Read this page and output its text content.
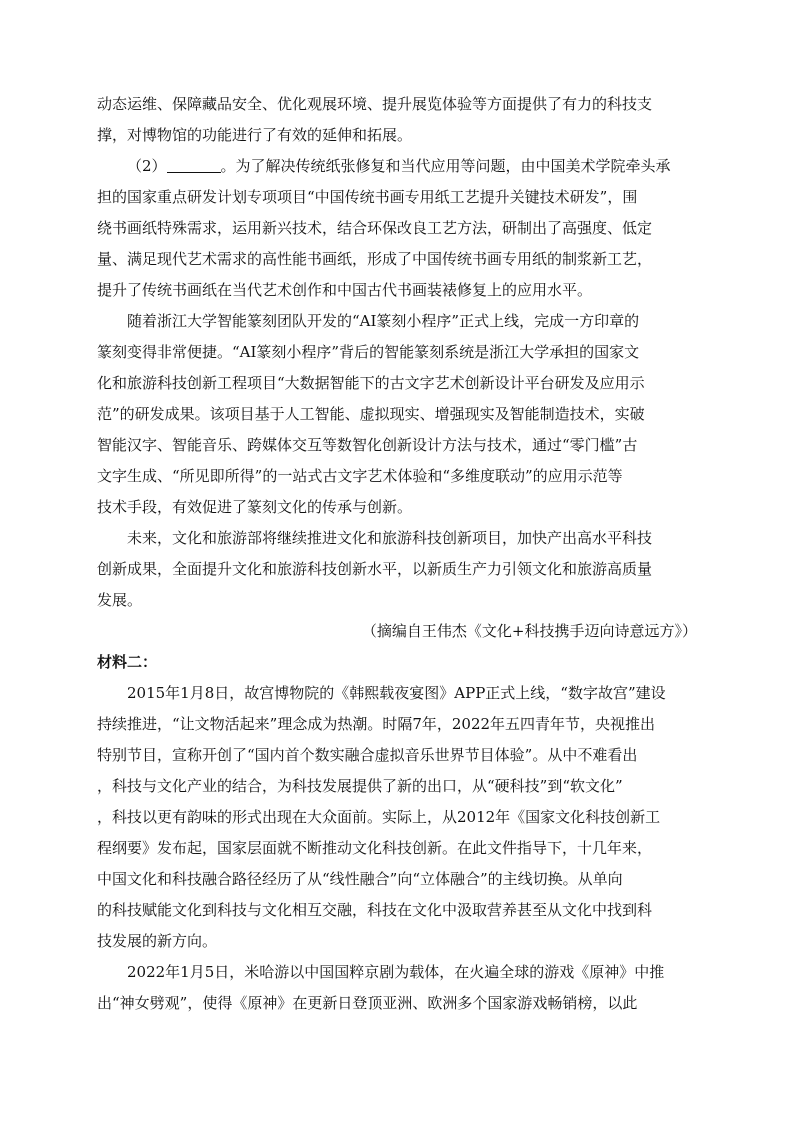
动态运维、保障藏品安全、优化观展环境、提升展览体验等方面提供了有力的科技支
撑，对博物馆的功能进行了有效的延伸和拓展。
（2）	。为了解决传统纸张修复和当代应用等问题，由中国美术学院牵头承
担的国家重点研发计划专项项目“中国传统书画专用纸工艺提升关键技术研发”，围
绕书画纸特殊需求，运用新兴技术，结合环保改良工艺方法，研制出了高强度、低定
量、满足现代艺术需求的高性能书画纸，形成了中国传统书画专用纸的制浆新工艺，
提升了传统书画纸在当代艺术创作和中国古代书画装裱修复上的应用水平。
随着浙江大学智能篆刻团队开发的“AI篆刻小程序”正式上线，完成一方印章的
篆刻变得非常便捷。“AI篆刻小程序”背后的智能篆刻系统是浙江大学承担的国家文
化和旅游科技创新工程项目“大数据智能下的古文字艺术创新设计平台研发及应用示
范”的研发成果。该项目基于人工智能、虚拟现实、增强现实及智能制造技术，实破
智能汉字、智能音乐、跨媒体交互等数智化创新设计方法与技术，通过“零门槛”古
文字生成、“所见即所得”的一站式古文字艺术体验和“多维度联动”的应用示范等
技术手段，有效促进了篆刻文化的传承与创新。
未来，文化和旅游部将继续推进文化和旅游科技创新项目，加快产出高水平科技
创新成果，全面提升文化和旅游科技创新水平，以新质生产力引领文化和旅游高质量
发展。
（摘编自王伟杰《文化+科技携手迈向诗意远方》）
材料二：
2015年1月8日，故宫博物院的《韩熙载夜宴图》APP正式上线，“数字故宫”建设
持续推进，“让文物活起来”理念成为热潮。时隔7年，2022年五四青年节，央视推出
特别节目，宣称开创了“国内首个数实融合虚拟音乐世界节目体验”。从中不难看出
，科技与文化产业的结合，为科技发展提供了新的出口，从“硬科技”到“软文化”
，科技以更有韵味的形式出现在大众面前。实际上，从2012年《国家文化科技创新工
程纲要》发布起，国家层面就不断推动文化科技创新。在此文件指导下，十几年来，
中国文化和科技融合路径经历了从“线性融合”向“立体融合”的主线切换。从单向
的科技赋能文化到科技与文化相互交融，科技在文化中汲取营养甚至从文化中找到科
技发展的新方向。
2022年1月5日，米哈游以中国国粹京剧为载体，在火遍全球的游戏《原神》中推
出“神女劈观”，使得《原神》在更新日登顶亚洲、欧洲多个国家游戏畅销榜，以此
